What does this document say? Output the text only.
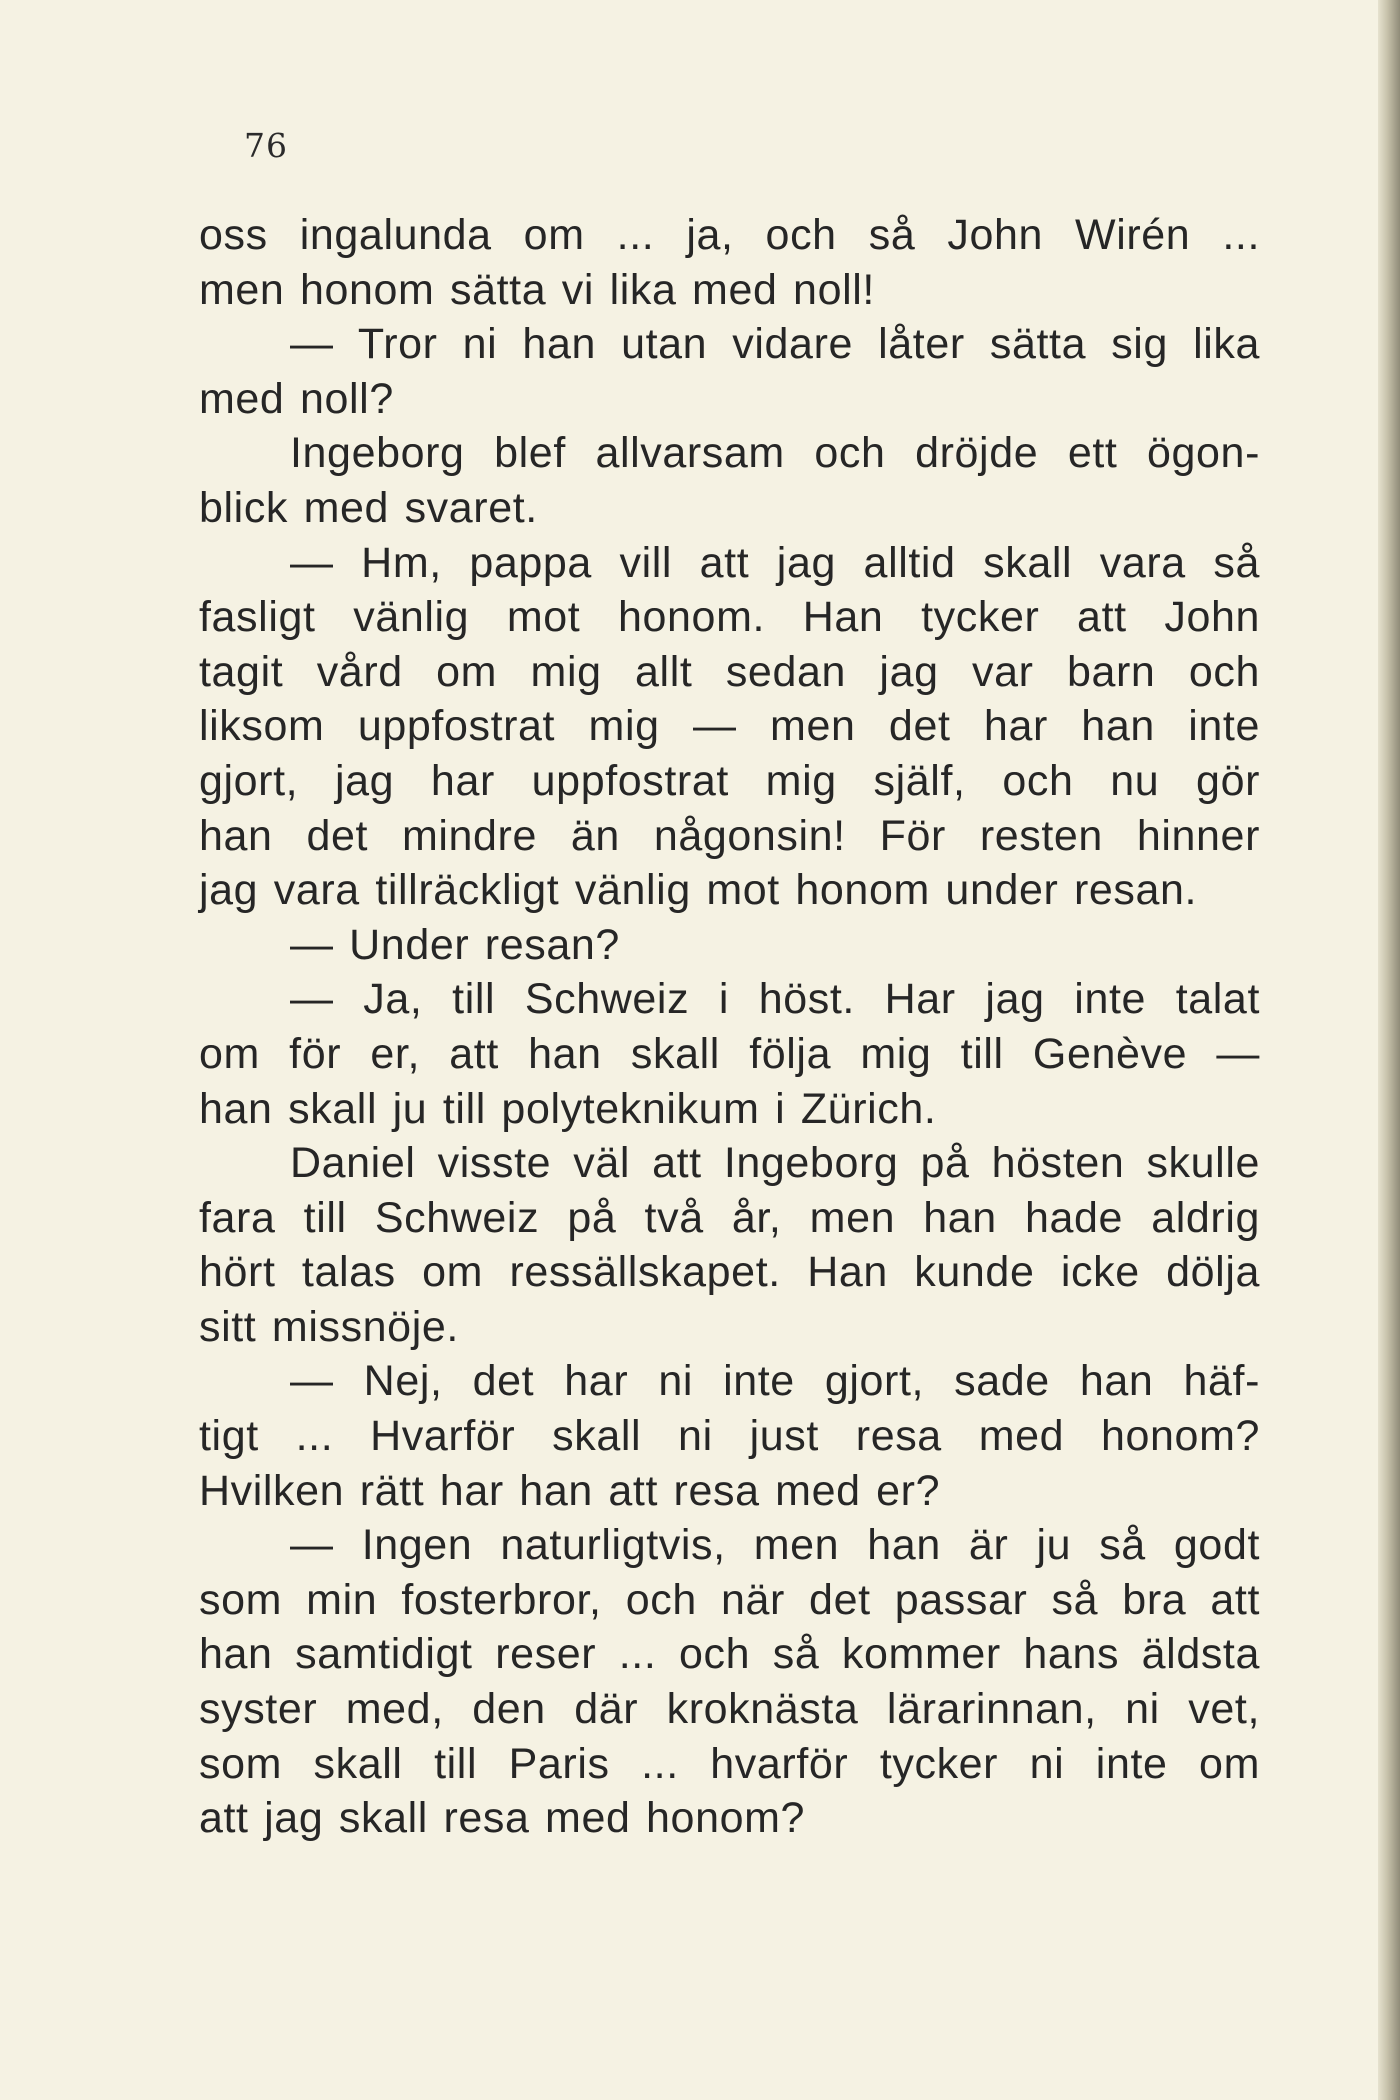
76
oss ingalunda om ... ja, och så John Wirén ...
men honom sätta vi lika med noll!
— Tror ni han utan vidare låter sätta sig lika
med noll?
Ingeborg blef allvarsam och dröjde ett ögon-
blick med svaret.
— Hm, pappa vill att jag alltid skall vara så
fasligt vänlig mot honom. Han tycker att John
tagit vård om mig allt sedan jag var barn och
liksom uppfostrat mig — men det har han inte
gjort, jag har uppfostrat mig själf, och nu gör
han det mindre än någonsin! För resten hinner
jag vara tillräckligt vänlig mot honom under resan.
— Under resan?
— Ja, till Schweiz i höst. Har jag inte talat
om för er, att han skall följa mig till Genève —
han skall ju till polyteknikum i Zürich.
Daniel visste väl att Ingeborg på hösten skulle
fara till Schweiz på två år, men han hade aldrig
hört talas om ressällskapet. Han kunde icke dölja
sitt missnöje.
— Nej, det har ni inte gjort, sade han häf-
tigt ... Hvarför skall ni just resa med honom?
Hvilken rätt har han att resa med er?
— Ingen naturligtvis, men han är ju så godt
som min fosterbror, och när det passar så bra att
han samtidigt reser ... och så kommer hans äldsta
syster med, den där kroknästa lärarinnan, ni vet,
som skall till Paris ... hvarför tycker ni inte om
att jag skall resa med honom?
